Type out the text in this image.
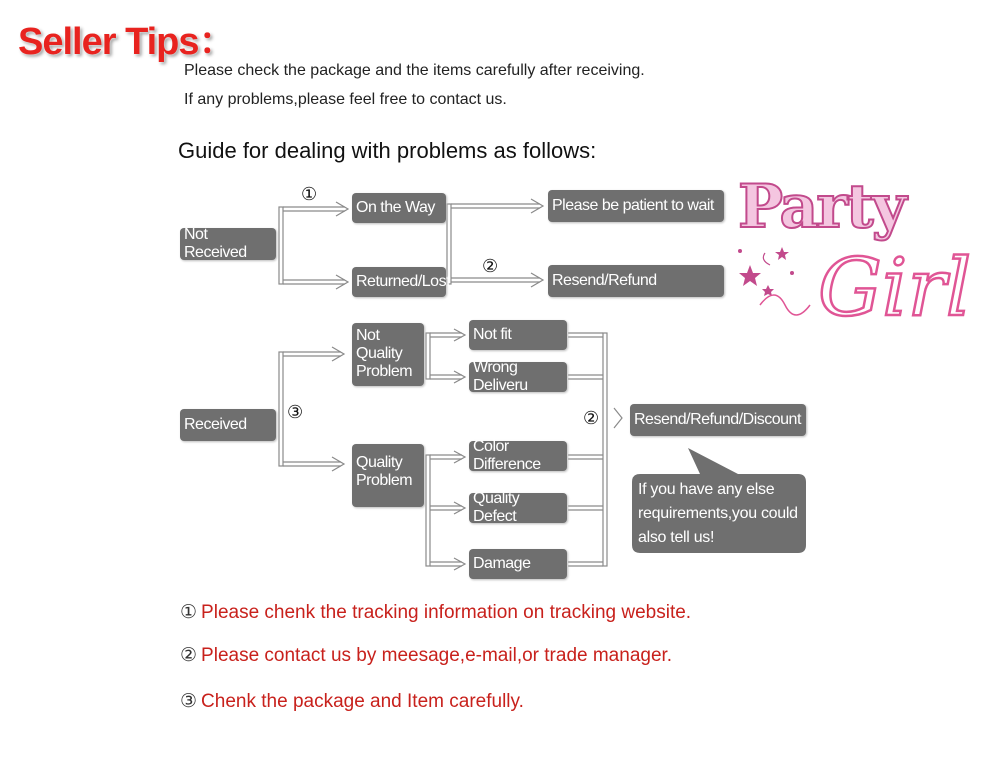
Seller Tips：
Please check the package and the items carefully after receiving.
If any problems,please feel free to contact us.
Guide for dealing with problems as follows:
Not Received
On the Way
Returned/Lost
Please be patient to wait
Resend/Refund
①
②
Received
③
Not Quality Problem
Quality Problem
Not fit
Wrong Deliveru
Color Difference
Quality Defect
Damage
② Resend/Refund/Discount
If you have any else requirements,you could also tell us!
Party
Girl
① Please chenk the tracking information on tracking website.
② Please contact us by meesage,e-mail,or trade manager.
③ Chenk the package and Item carefully.
